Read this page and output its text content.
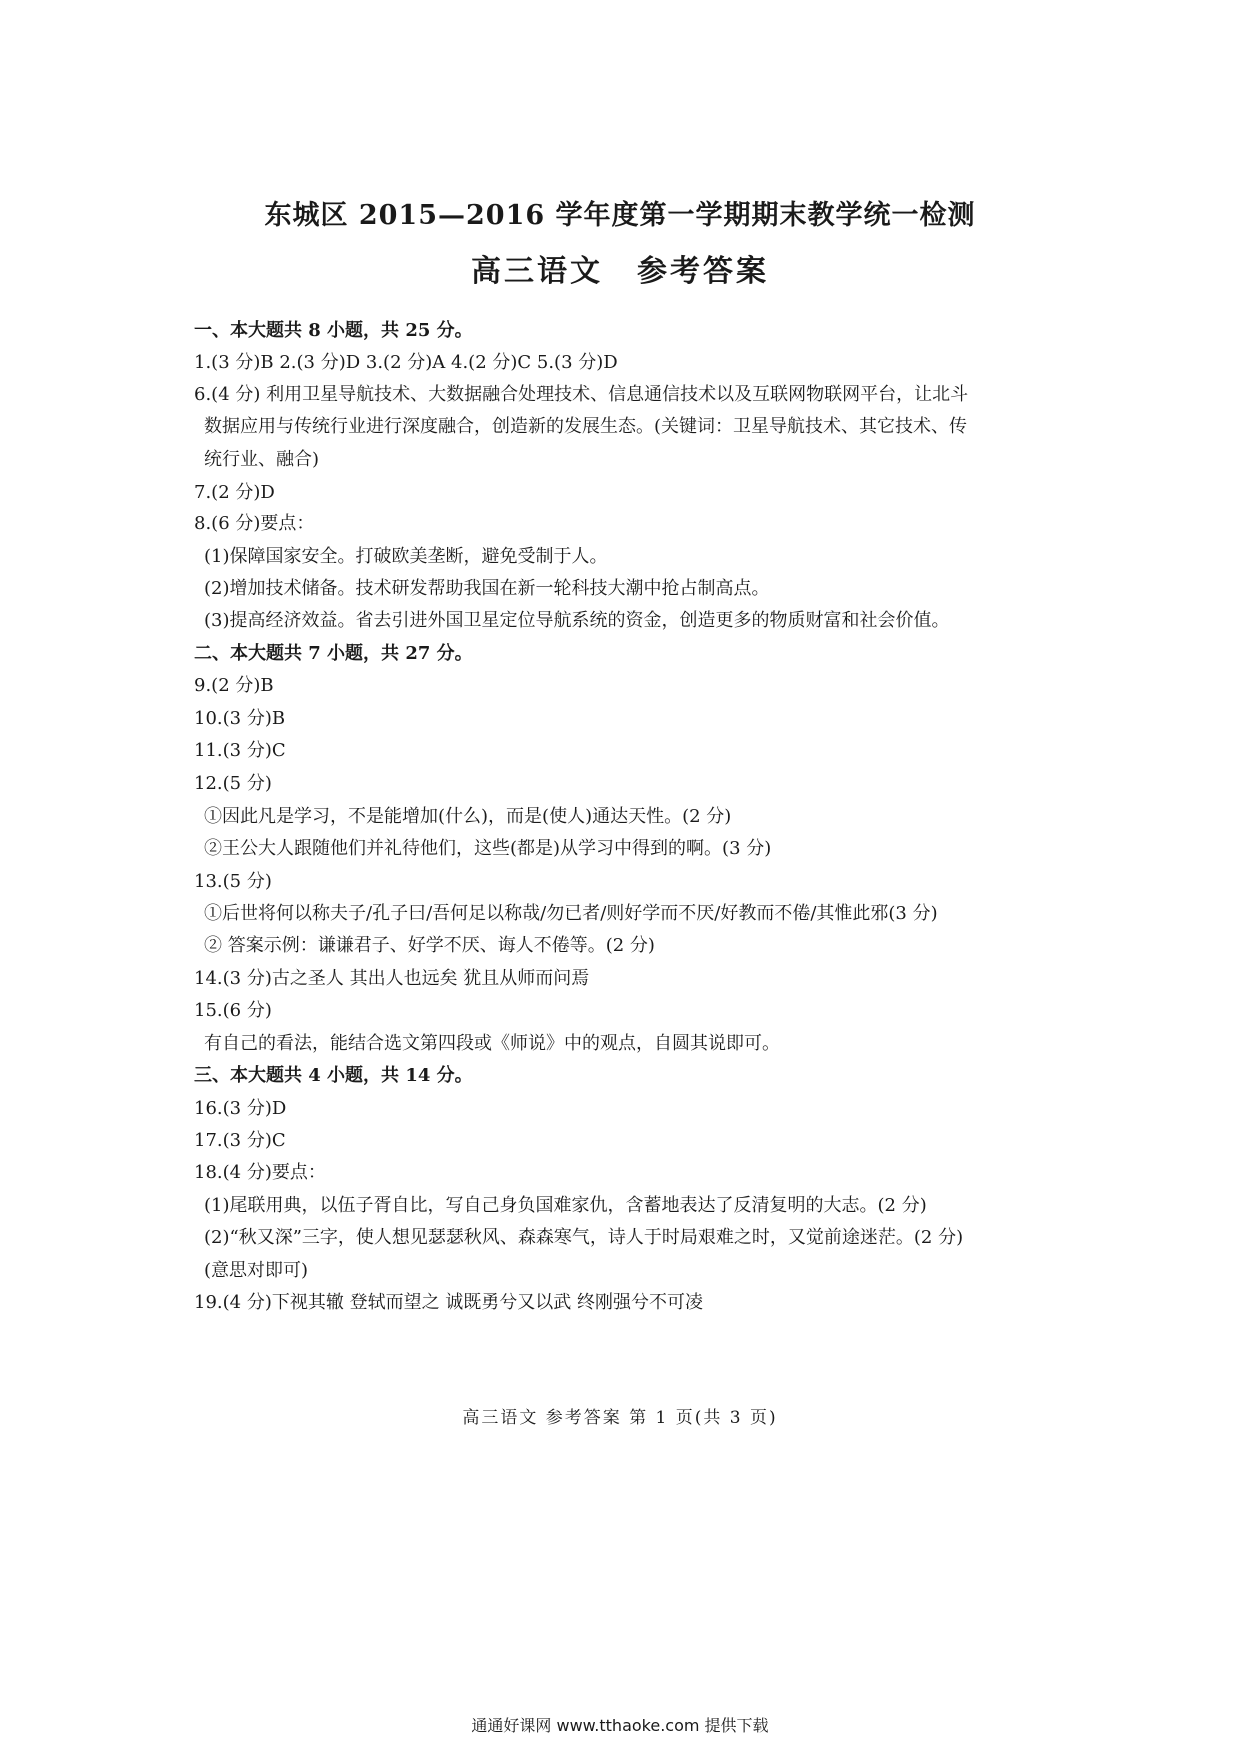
东城区 2015—2016 学年度第一学期期末教学统一检测
高三语文 参考答案
一、本大题共 8 小题，共 25 分。
1.(3 分)B 2.(3 分)D 3.(2 分)A 4.(2 分)C 5.(3 分)D
6.(4 分) 利用卫星导航技术、大数据融合处理技术、信息通信技术以及互联网物联网平台，让北斗
数据应用与传统行业进行深度融合，创造新的发展生态。(关键词：卫星导航技术、其它技术、传
统行业、融合)
7.(2 分)D
8.(6 分)要点：
(1)保障国家安全。打破欧美垄断，避免受制于人。
(2)增加技术储备。技术研发帮助我国在新一轮科技大潮中抢占制高点。
(3)提高经济效益。省去引进外国卫星定位导航系统的资金，创造更多的物质财富和社会价值。
二、本大题共 7 小题，共 27 分。
9.(2 分)B
10.(3 分)B
11.(3 分)C
12.(5 分)
①因此凡是学习，不是能增加(什么)，而是(使人)通达天性。(2 分)
②王公大人跟随他们并礼待他们，这些(都是)从学习中得到的啊。(3 分)
13.(5 分)
①后世将何以称夫子/孔子曰/吾何足以称哉/勿已者/则好学而不厌/好教而不倦/其惟此邪(3 分)
② 答案示例：谦谦君子、好学不厌、诲人不倦等。(2 分)
14.(3 分)古之圣人 其出人也远矣 犹且从师而问焉
15.(6 分)
有自己的看法，能结合选文第四段或《师说》中的观点，自圆其说即可。
三、本大题共 4 小题，共 14 分。
16.(3 分)D
17.(3 分)C
18.(4 分)要点：
(1)尾联用典，以伍子胥自比，写自己身负国难家仇，含蓄地表达了反清复明的大志。(2 分)
(2)“秋又深”三字，使人想见瑟瑟秋风、森森寒气，诗人于时局艰难之时，又觉前途迷茫。(2 分)
(意思对即可)
19.(4 分)下视其辙 登轼而望之 诚既勇兮又以武 终刚强兮不可凌
高三语文 参考答案 第 1 页(共 3 页)
通通好课网 www.tthaoke.com 提供下载
